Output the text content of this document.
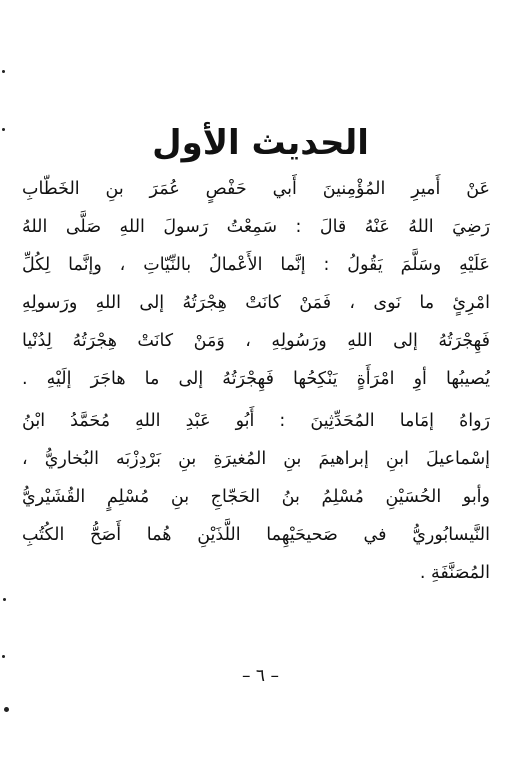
الحديث الأول
عَنْ أَميرِ المُؤْمِنينَ أَبي حَفْصٍ عُمَرَ بنِ الخَطّابِ
رَضِيَ اللهُ عَنْهُ قالَ : سَمِعْتُ رَسولَ اللهِ صَلَّى اللهُ
عَلَيْهِ وسَلَّمَ يَقُولُ : إنَّما الأَعْمالُ بالنِّيّاتِ ، وإنَّما لِكُلِّ
امْرِئٍ ما نَوى ، فَمَنْ كانَتْ هِجْرَتُهُ إلى اللهِ ورَسولِهِ
فَهِجْرَتُهُ إلى اللهِ ورَسُولِهِ ، وَمَنْ كانَتْ هِجْرَتُهُ لِدُنْيا
يُصيبُها أوِ امْرَأَةٍ يَنْكِحُها فَهِجْرَتُهُ إلى ما هاجَرَ إلَيْهِ .
رَواهُ إمَاما المُحَدِّثِينَ : أَبُو عَبْدِ اللهِ مُحَمَّدُ ابْنُ
إسْماعيلَ ابنِ إبراهيمَ بنِ المُغيرَةِ بنِ بَرْدِزْبَه البُخاريُّ ،
وأبو الحُسَيْنِ مُسْلِمُ بنُ الحَجّاجِ بنِ مُسْلِمٍ القُشَيْريُّ
النَّيسابُوريُّ في صَحيحَيْهِما اللَّذَيْنِ هُما أَصَحُّ الكُتُبِ
المُصَنَّفَةِ .
– ٦ –
